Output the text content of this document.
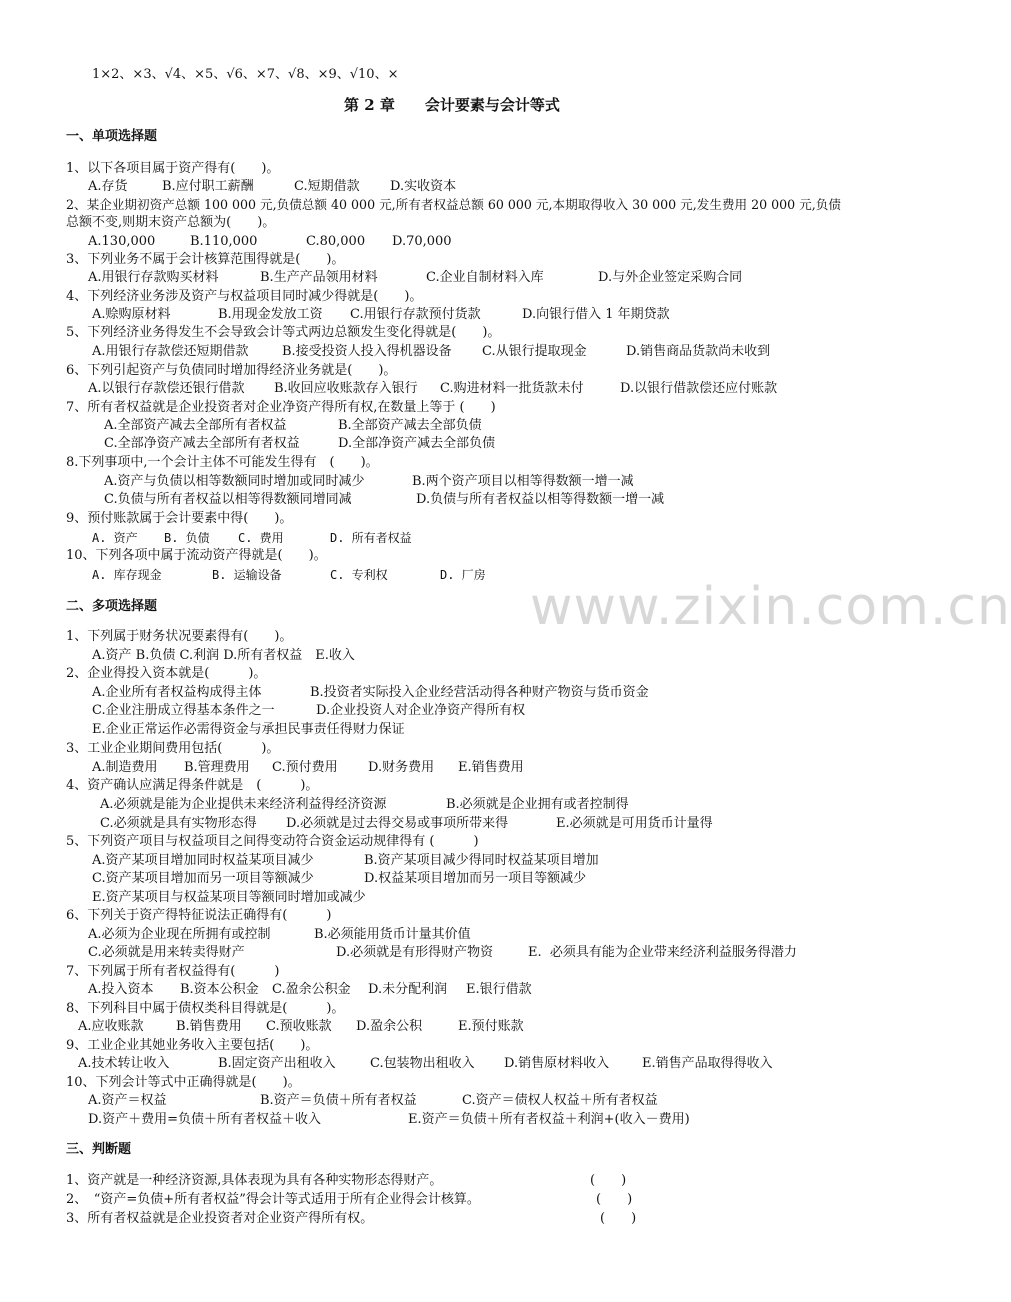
www.zixin.com.cn
1×2、×3、√4、×5、√6、×7、√8、×9、√10、×
第 2 章　　会计要素与会计等式
一、单项选择题
1、以下各项目属于资产得有(　　)。
A.存货	B.应付职工薪酬	C.短期借款 D.实收资本
2、某企业期初资产总额 100 000 元,负债总额 40 000 元,所有者权益总额 60 000 元,本期取得收入 30 000 元,发生费用 20 000 元,负债
总额不变,则期末资产总额为(　　)。
A.130,000	B.110,000	C.80,000 D.70,000
3、下列业务不属于会计核算范围得就是(　　)。
A.用银行存款购买材料	B.生产产品领用材料	C.企业自制材料入库	D.与外企业签定采购合同
4、下列经济业务涉及资产与权益项目同时减少得就是(　　)。
A.赊购原材料	B.用现金发放工资 C.用银行存款预付货款	D.向银行借入 1 年期贷款
5、下列经济业务得发生不会导致会计等式两边总额发生变化得就是(　　)。
A.用银行存款偿还短期借款	B.接受投资人投入得机器设备 C.从银行提取现金	D.销售商品货款尚未收到
6、下列引起资产与负债同时增加得经济业务就是(　　)。
A.以银行存款偿还银行借款 B.收回应收账款存入银行 C.购进材料一批货款未付	D.以银行借款偿还应付账款
7、所有者权益就是企业投资者对企业净资产得所有权,在数量上等于 (　　)
A.全部资产减去全部所有者权益	B.全部资产减去全部负债
C.全部净资产减去全部所有者权益	D.全部净资产减去全部负债
8.下列事项中,一个会计主体不可能发生得有　(　　)。
A.资产与负债以相等数额同时增加或同时减少	B.两个资产项目以相等得数额一增一减
C.负债与所有者权益以相等得数额同增同减	D.负债与所有者权益以相等得数额一增一减
9、预付账款属于会计要素中得(　　)。
A. 资产 B. 负债 C. 费用	D. 所有者权益
10、下列各项中属于流动资产得就是(　　)。
A. 库存现金	B. 运输设备	C. 专利权	D. 厂房
二、多项选择题
1、下列属于财务状况要素得有(　　)。
A.资产 B.负债 C.利润 D.所有者权益　E.收入
2、企业得投入资本就是(　　　)。
A.企业所有者权益构成得主体	B.投资者实际投入企业经营活动得各种财产物资与货币资金
C.企业注册成立得基本条件之一	D.企业投资人对企业净资产得所有权
E.企业正常运作必需得资金与承担民事责任得财力保证
3、工业企业期间费用包括(　　　)。
A.制造费用 B.管理费用 C.预付费用 D.财务费用 E.销售费用
4、资产确认应满足得条件就是　(　　　)。
A.必须就是能为企业提供未来经济利益得经济资源	B.必须就是企业拥有或者控制得
C.必须就是具有实物形态得 D.必须就是过去得交易或事项所带来得	E.必须就是可用货币计量得
5、下列资产项目与权益项目之间得变动符合资金运动规律得有 (　　　)
A.资产某项目增加同时权益某项目减少	B.资产某项目减少得同时权益某项目增加
C.资产某项目增加而另一项目等额减少	D.权益某项目增加而另一项目等额减少
E.资产某项目与权益某项目等额同时增加或减少
6、下列关于资产得特征说法正确得有(　　　)
A.必须为企业现在所拥有或控制	B.必须能用货币计量其价值
C.必须就是用来转卖得财产	D.必须就是有形得财产物资	E.  必须具有能为企业带来经济利益服务得潜力
7、下列属于所有者权益得有(　　　)
A.投入资本 B.资本公积金 C.盈余公积金 D.未分配利润 E.银行借款
8、下列科目中属于债权类科目得就是(　　　)。
A.应收账款 B.销售费用 C.预收账款 D.盈余公积	E.预付账款
9、工业企业其她业务收入主要包括(　　)。
A.技术转让收入	B.固定资产出租收入	C.包装物出租收入 D.销售原材料收入	E.销售产品取得得收入
10、下列会计等式中正确得就是(　　)。
A.资产＝权益	B.资产＝负债＋所有者权益	C.资产＝债权人权益＋所有者权益
D.资产＋费用=负债＋所有者权益＋收入	E.资产＝负债＋所有者权益＋利润+(收入－费用)
三、判断题
1、资产就是一种经济资源,具体表现为具有各种实物形态得财产。	(　　)
2、　“资产=负债+所有者权益”得会计等式适用于所有企业得会计核算。	(　　)
3、所有者权益就是企业投资者对企业资产得所有权。	(　　)
